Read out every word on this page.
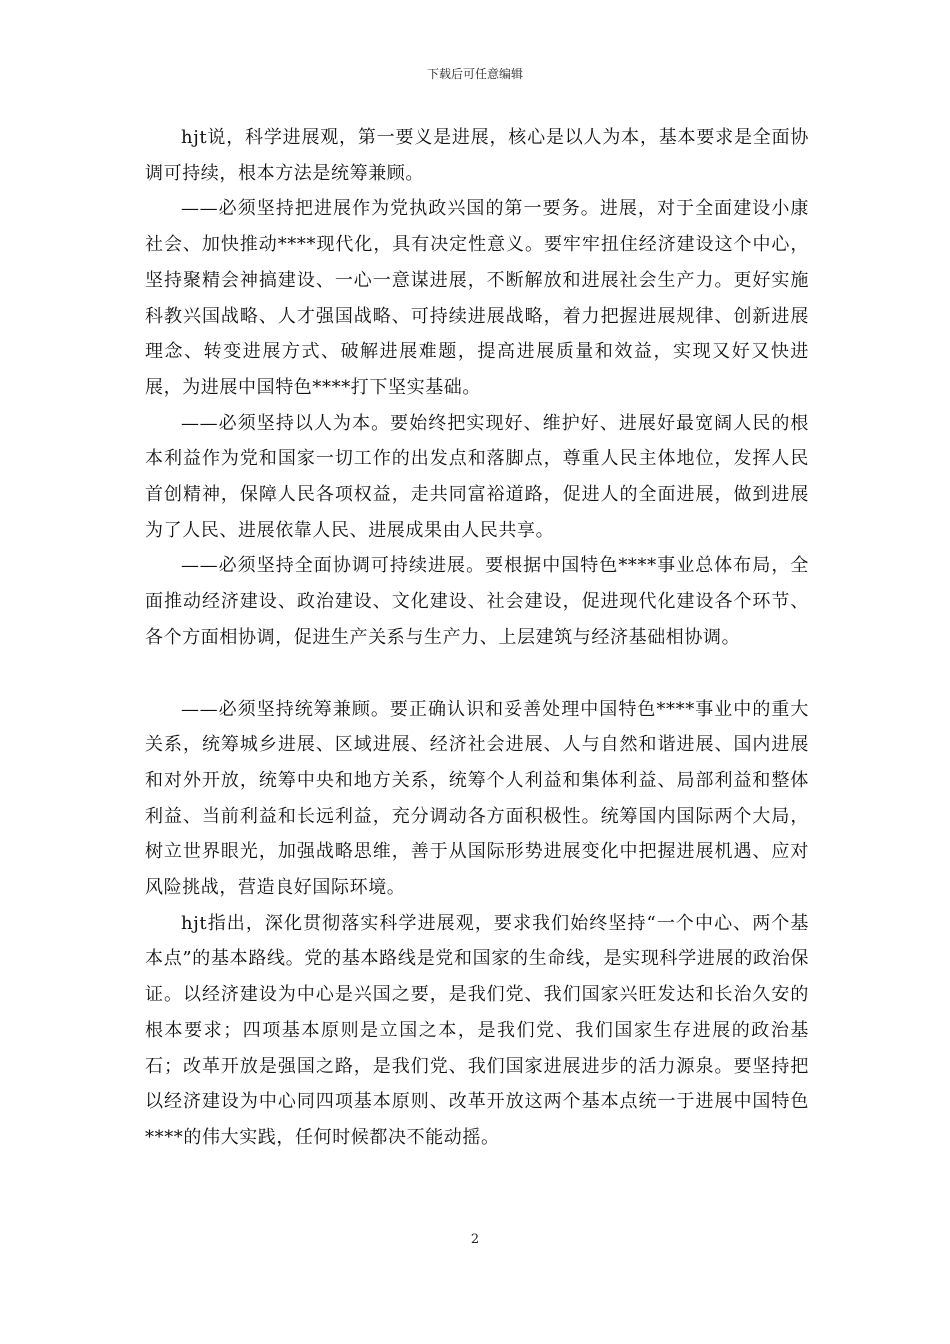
下载后可任意编辑

hjt说，科学进展观，第一要义是进展，核心是以人为本，基本要求是全面协调可持续，根本方法是统筹兼顾。

——必须坚持把进展作为党执政兴国的第一要务。进展，对于全面建设小康社会、加快推动****现代化，具有决定性意义。要牢牢扭住经济建设这个中心，坚持聚精会神搞建设、一心一意谋进展，不断解放和进展社会生产力。更好实施科教兴国战略、人才强国战略、可持续进展战略，着力把握进展规律、创新进展理念、转变进展方式、破解进展难题，提高进展质量和效益，实现又好又快进展，为进展中国特色****打下坚实基础。

——必须坚持以人为本。要始终把实现好、维护好、进展好最宽阔人民的根本利益作为党和国家一切工作的出发点和落脚点，尊重人民主体地位，发挥人民首创精神，保障人民各项权益，走共同富裕道路，促进人的全面进展，做到进展为了人民、进展依靠人民、进展成果由人民共享。

——必须坚持全面协调可持续进展。要根据中国特色****事业总体布局，全面推动经济建设、政治建设、文化建设、社会建设，促进现代化建设各个环节、各个方面相协调，促进生产关系与生产力、上层建筑与经济基础相协调。

——必须坚持统筹兼顾。要正确认识和妥善处理中国特色****事业中的重大关系，统筹城乡进展、区域进展、经济社会进展、人与自然和谐进展、国内进展和对外开放，统筹中央和地方关系，统筹个人利益和集体利益、局部利益和整体利益、当前利益和长远利益，充分调动各方面积极性。统筹国内国际两个大局，树立世界眼光，加强战略思维，善于从国际形势进展变化中把握进展机遇、应对风险挑战，营造良好国际环境。

hjt指出，深化贯彻落实科学进展观，要求我们始终坚持“一个中心、两个基本点”的基本路线。党的基本路线是党和国家的生命线，是实现科学进展的政治保证。以经济建设为中心是兴国之要，是我们党、我们国家兴旺发达和长治久安的根本要求；四项基本原则是立国之本，是我们党、我们国家生存进展的政治基石；改革开放是强国之路，是我们党、我们国家进展进步的活力源泉。要坚持把以经济建设为中心同四项基本原则、改革开放这两个基本点统一于进展中国特色****的伟大实践，任何时候都决不能动摇。

2
